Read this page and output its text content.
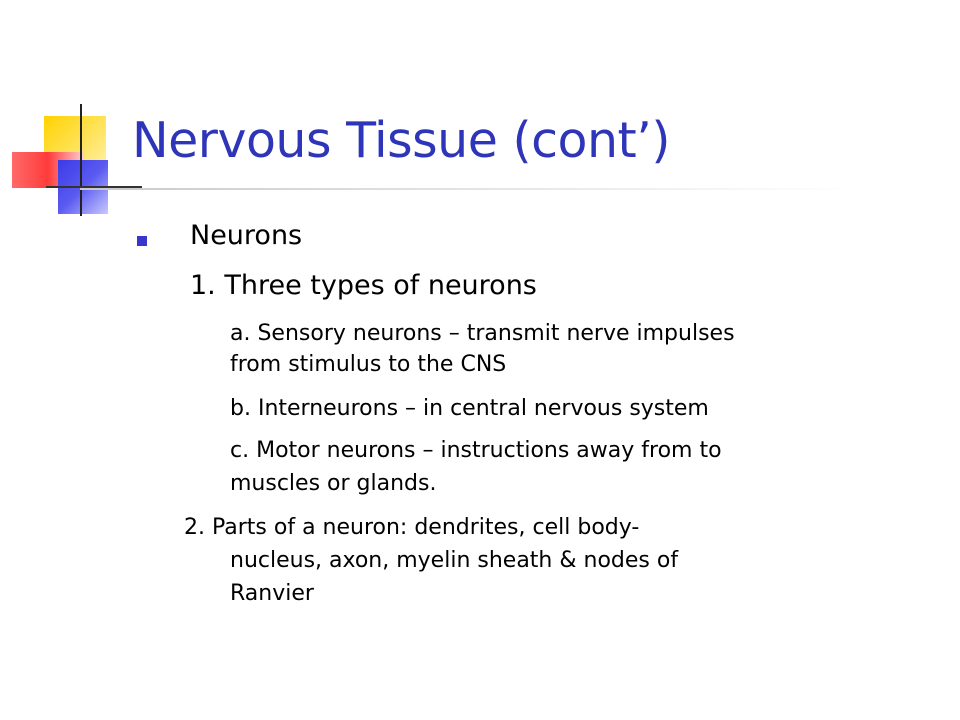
Nervous Tissue (cont’)
Neurons
1. Three types of neurons
a. Sensory neurons – transmit nerve impulses
from stimulus to the CNS
b. Interneurons – in central nervous system
c. Motor neurons – instructions away from to
muscles or glands.
2. Parts of a neuron: dendrites, cell body-
nucleus, axon, myelin sheath & nodes of
Ranvier
